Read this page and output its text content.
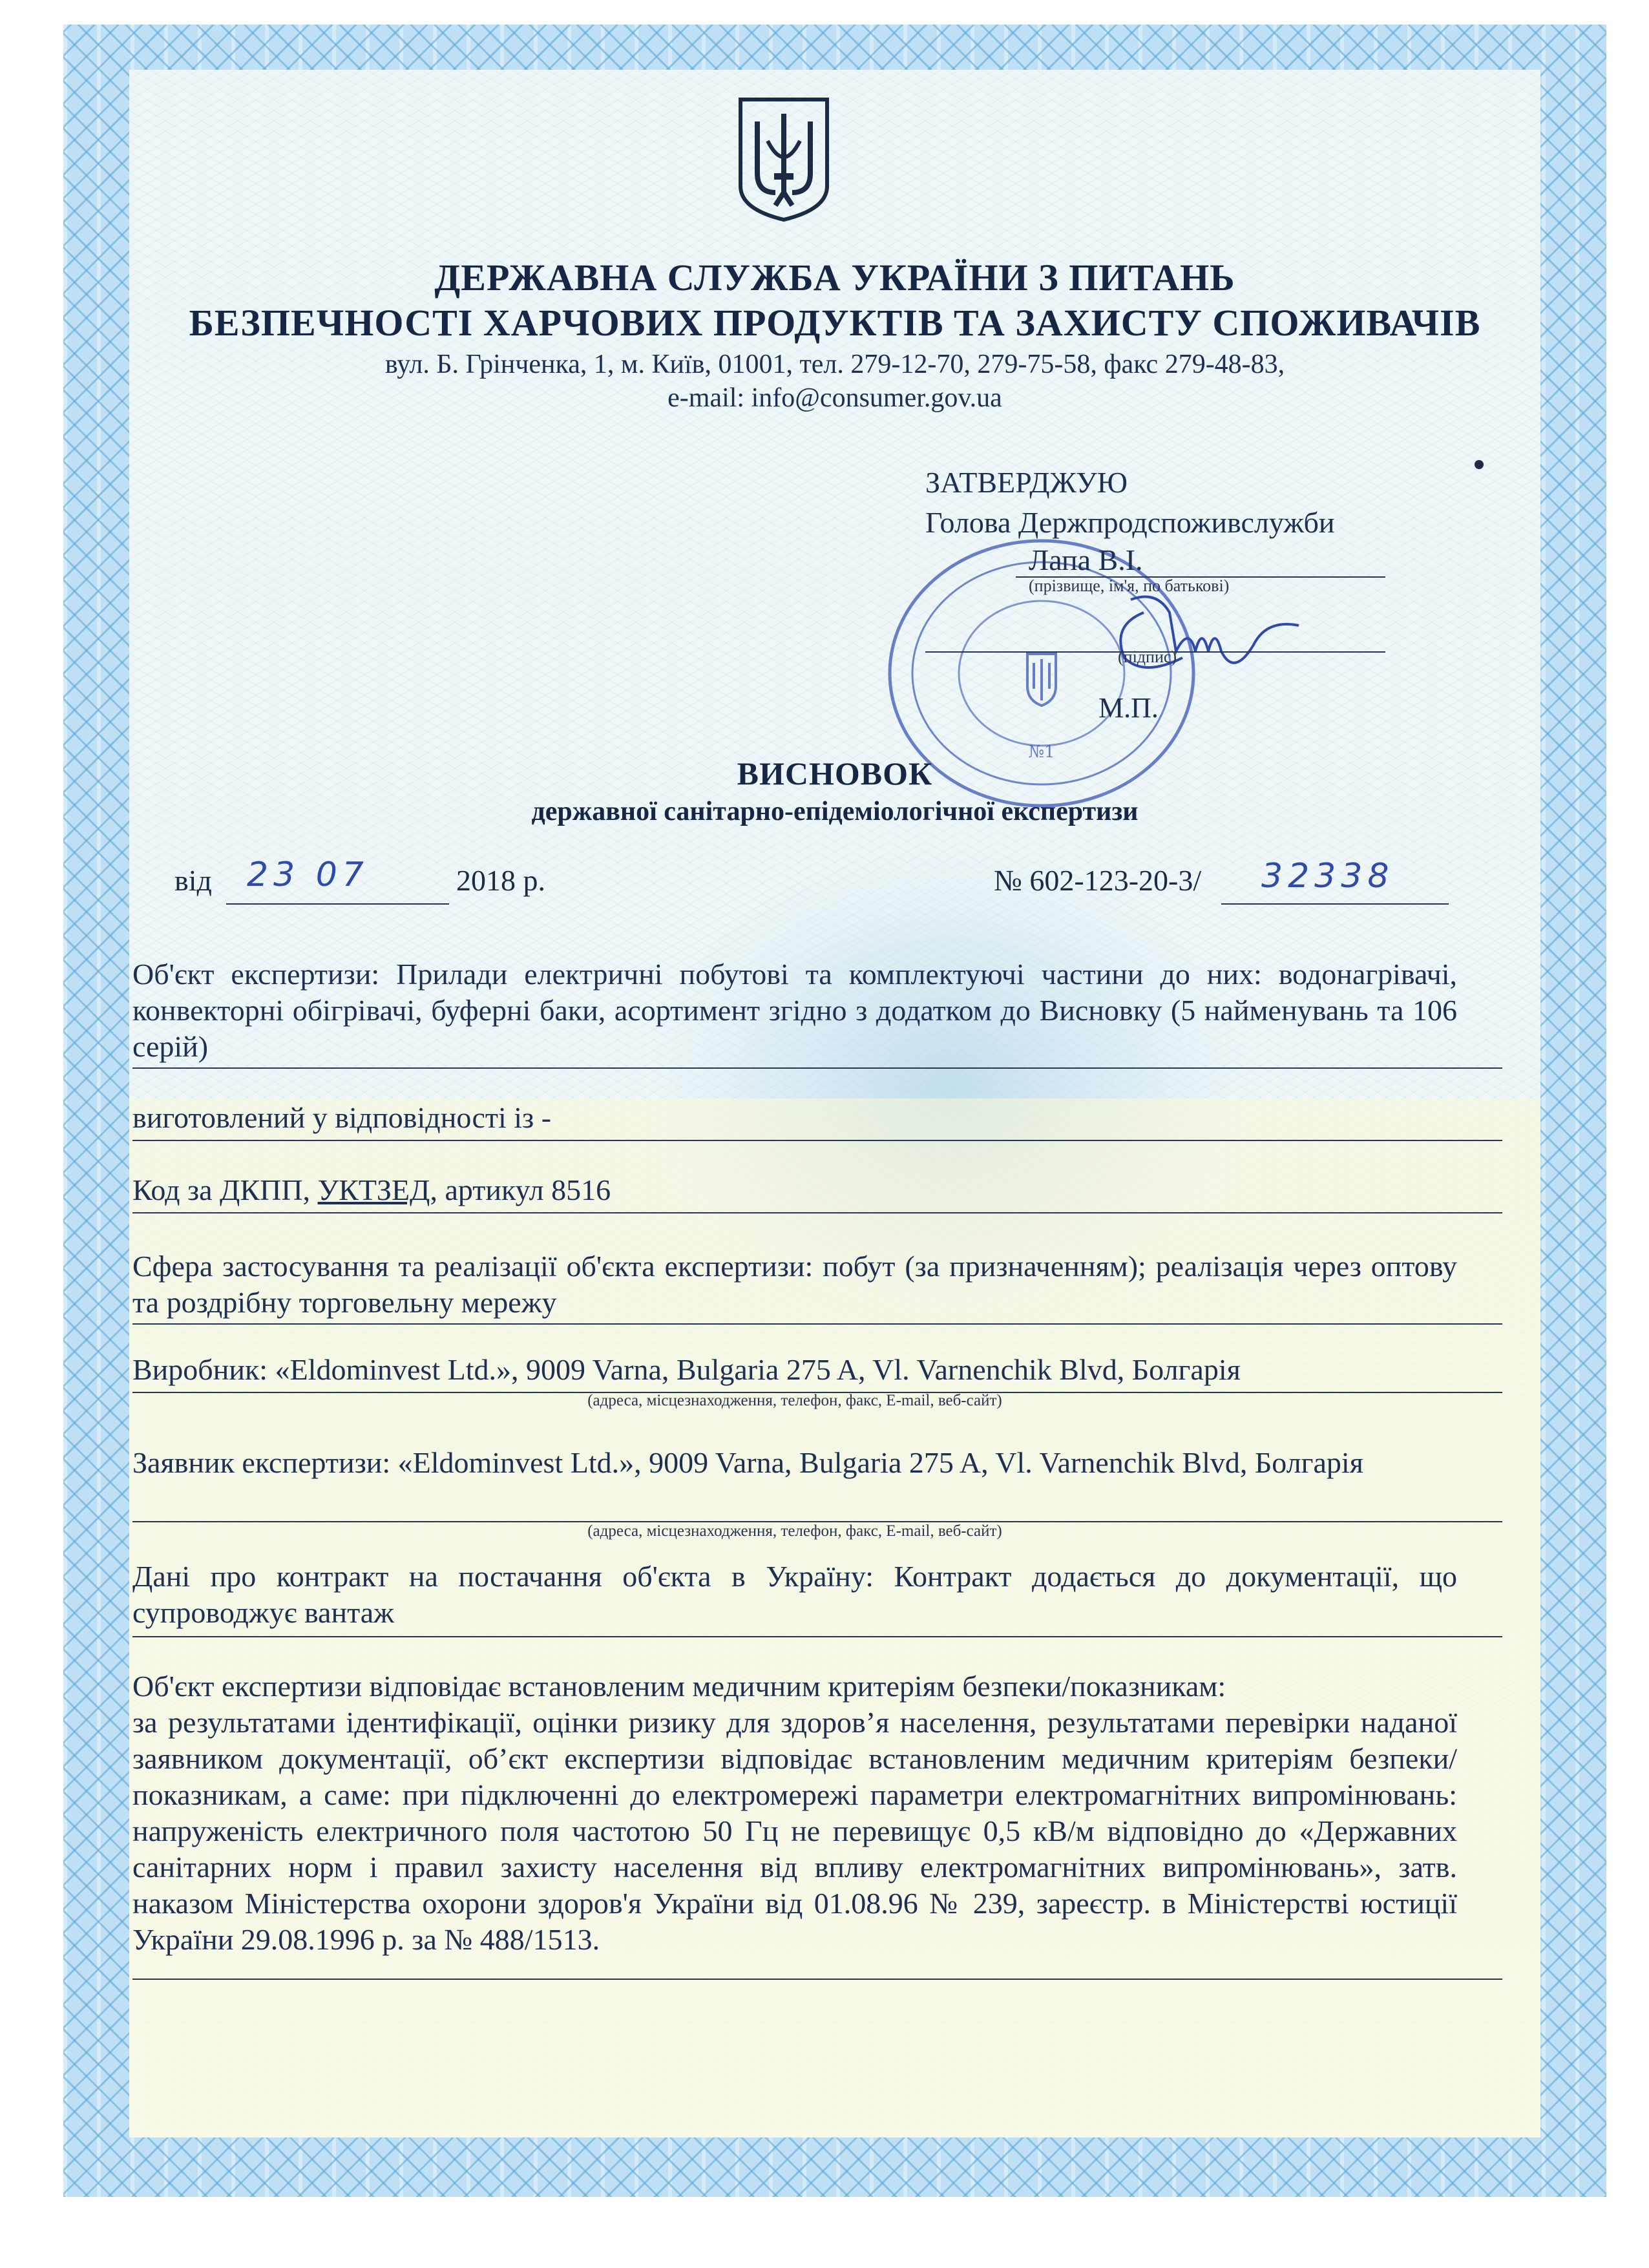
ДЕРЖАВНА СЛУЖБА УКРАЇНИ З ПИТАНЬ
БЕЗПЕЧНОСТІ ХАРЧОВИХ ПРОДУКТІВ ТА ЗАХИСТУ СПОЖИВАЧІВ
вул. Б. Грінченка, 1, м. Київ, 01001, тел. 279-12-70, 279-75-58, факс 279-48-83,
e-mail: info@consumer.gov.ua
№1
ЗАТВЕРДЖУЮ
Голова Держпродспоживслужби
Лапа В.І.
(прізвище, ім'я, по батькові)
(підпис)
М.П.
ВИСНОВОК
державної санітарно-епідеміологічної експертизи
від 23 07	2018 р.	№ 602-123-20-3/ 32338
Об'єкт експертизи: Прилади електричні побутові та комплектуючі частини до них: водонагрівачі, конвекторні обігрівачі, буферні баки, асортимент згідно з додатком до Висновку (5 найменувань та 106 серій)
виготовлений у відповідності із -
Код за ДКПП, УКТЗЕД, артикул 8516
Сфера застосування та реалізації об'єкта експертизи: побут (за призначенням); реалізація через оптову та роздрібну торговельну мережу
Виробник: «Eldominvest Ltd.», 9009 Varna, Bulgaria 275 A, Vl. Varnenchik Blvd, Болгарія
(адреса, місцезнаходження, телефон, факс, E-mail, веб-сайт)
Заявник експертизи: «Eldominvest Ltd.», 9009 Varna, Bulgaria 275 A, Vl. Varnenchik Blvd, Болгарія
(адреса, місцезнаходження, телефон, факс, E-mail, веб-сайт)
Дані про контракт на постачання об'єкта в Україну: Контракт додається до документації, що супроводжує вантаж
Об'єкт експертизи відповідає встановленим медичним критеріям безпеки/показникам:
за результатами ідентифікації, оцінки ризику для здоров’я населення, результатами перевірки наданої заявником документації, об’єкт експертизи відповідає встановленим медичним критеріям безпеки/показникам, а саме: при підключенні до електромережі параметри електромагнітних випромінювань: напруженість електричного поля частотою 50 Гц не перевищує 0,5 кВ/м відповідно до «Державних санітарних норм і правил захисту населення від впливу електромагнітних випромінювань», затв. наказом Міністерства охорони здоров'я України від 01.08.96 № 239, зареєстр. в Міністерстві юстиції України 29.08.1996 р. за № 488/1513.
